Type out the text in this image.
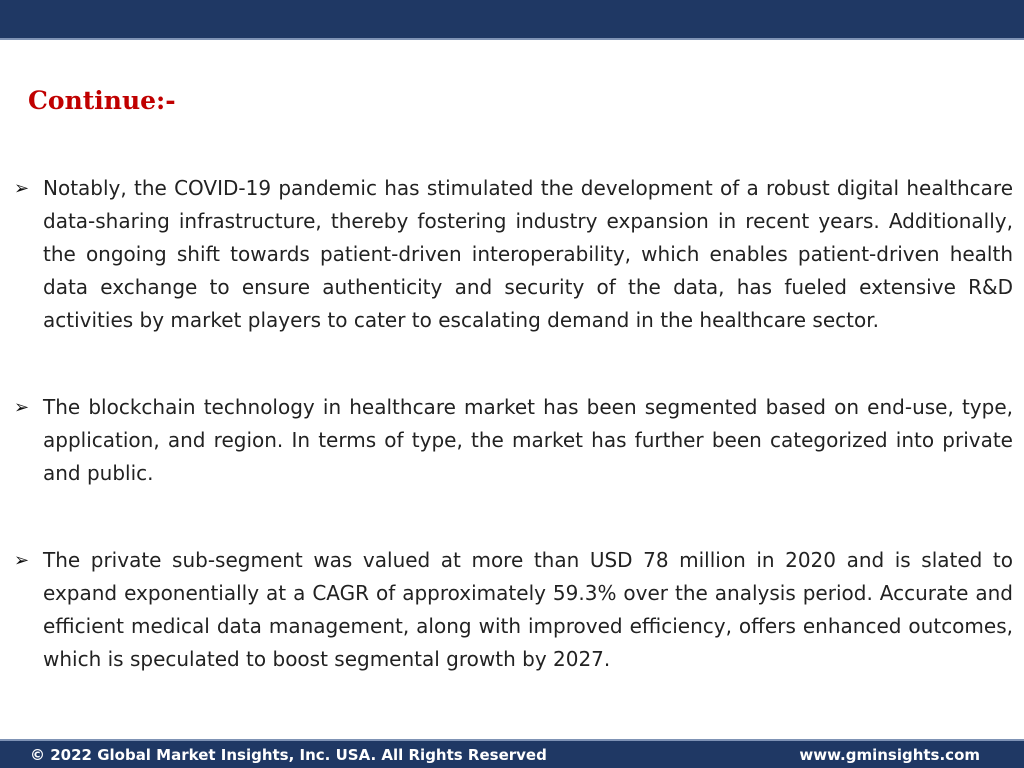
Continue:-
➢ Notably, the COVID-19 pandemic has stimulated the development of a robust digital healthcare data-sharing infrastructure, thereby fostering industry expansion in recent years. Additionally, the ongoing shift towards patient-driven interoperability, which enables patient-driven health data exchange to ensure authenticity and security of the data, has fueled extensive R&D activities by market players to cater to escalating demand in the healthcare sector.
➢ The blockchain technology in healthcare market has been segmented based on end-use, type, application, and region. In terms of type, the market has further been categorized into private and public.
➢ The private sub-segment was valued at more than USD 78 million in 2020 and is slated to expand exponentially at a CAGR of approximately 59.3% over the analysis period. Accurate and efficient medical data management, along with improved efficiency, offers enhanced outcomes, which is speculated to boost segmental growth by 2027.
© 2022 Global Market Insights, Inc. USA. All Rights Reserved	www.gminsights.com
